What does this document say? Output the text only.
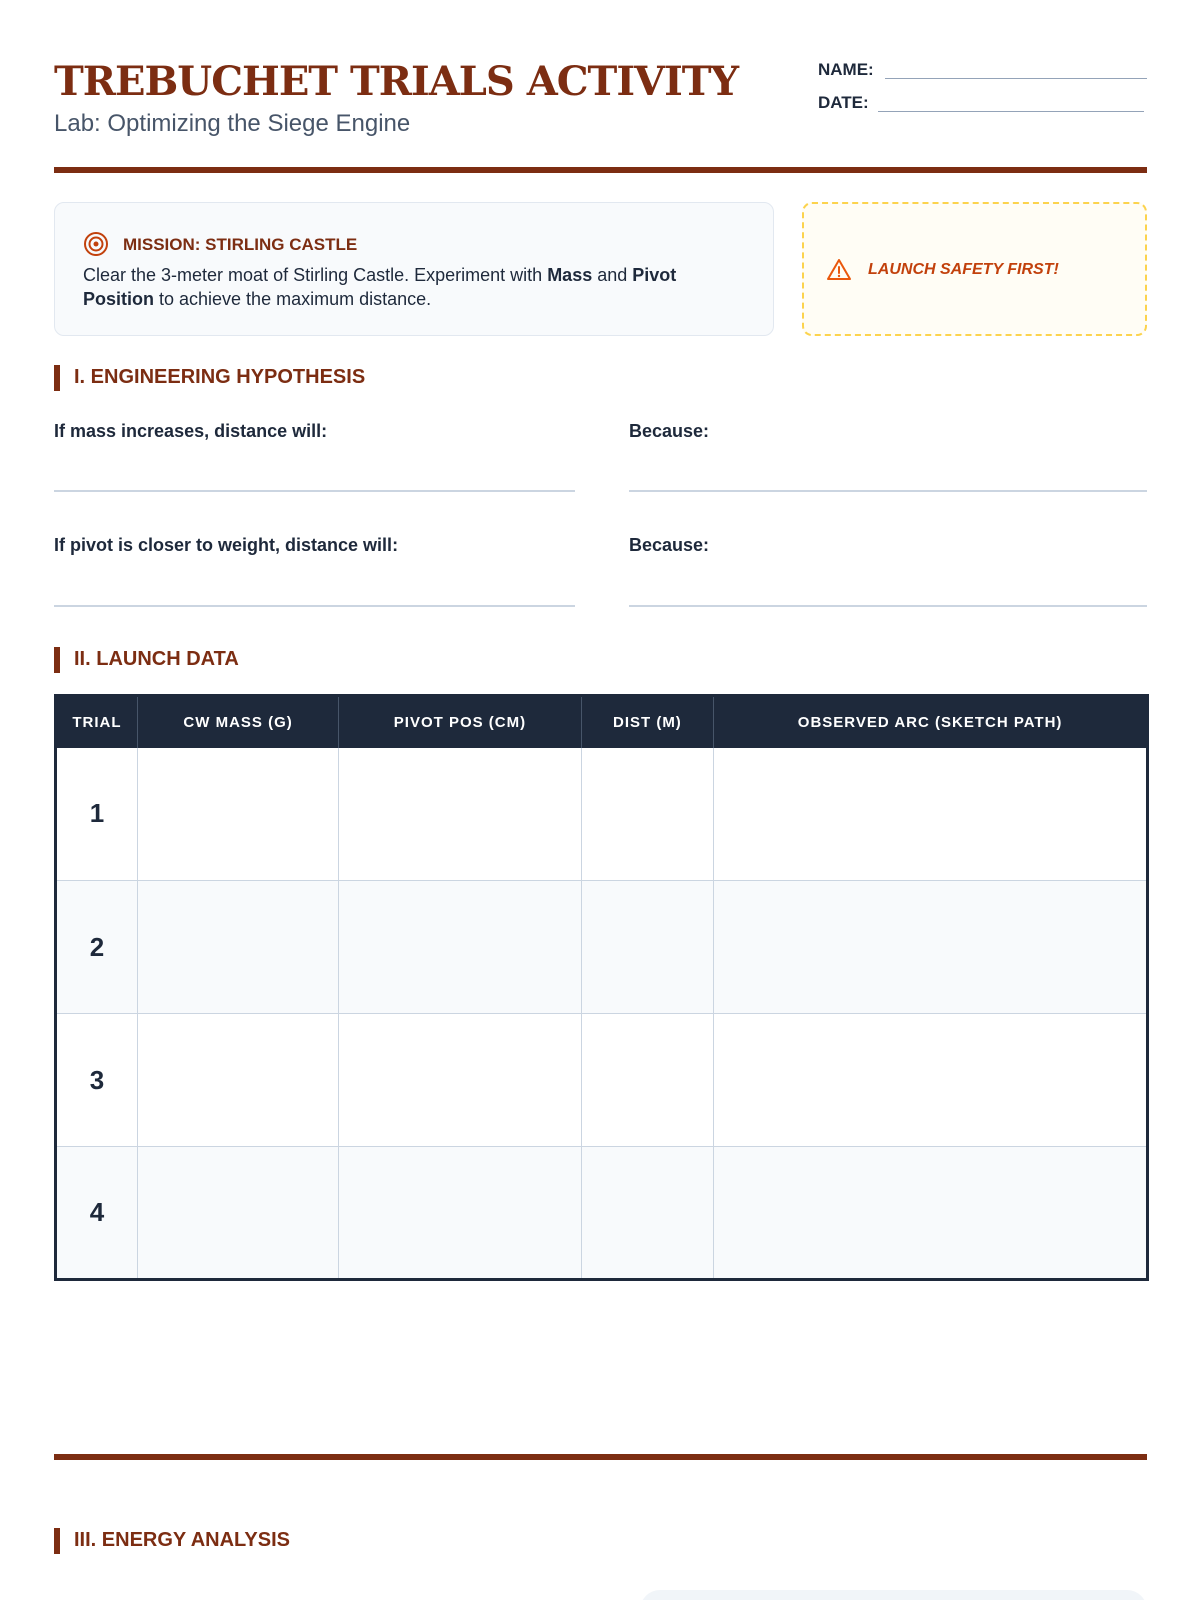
TREBUCHET TRIALS ACTIVITY
Lab: Optimizing the Siege Engine
NAME:
DATE:
MISSION: STIRLING CASTLE
Clear the 3-meter moat of Stirling Castle. Experiment with Mass and Pivot Position to achieve the maximum distance.
LAUNCH SAFETY FIRST!
I. ENGINEERING HYPOTHESIS
If mass increases, distance will:	Because:
If pivot is closer to weight, distance will:	Because:
II. LAUNCH DATA
TRIAL	CW MASS (G)	PIVOT POS (CM)	DIST (M)	OBSERVED ARC (SKETCH PATH)
1				
2				
3				
4				
III. ENERGY ANALYSIS
